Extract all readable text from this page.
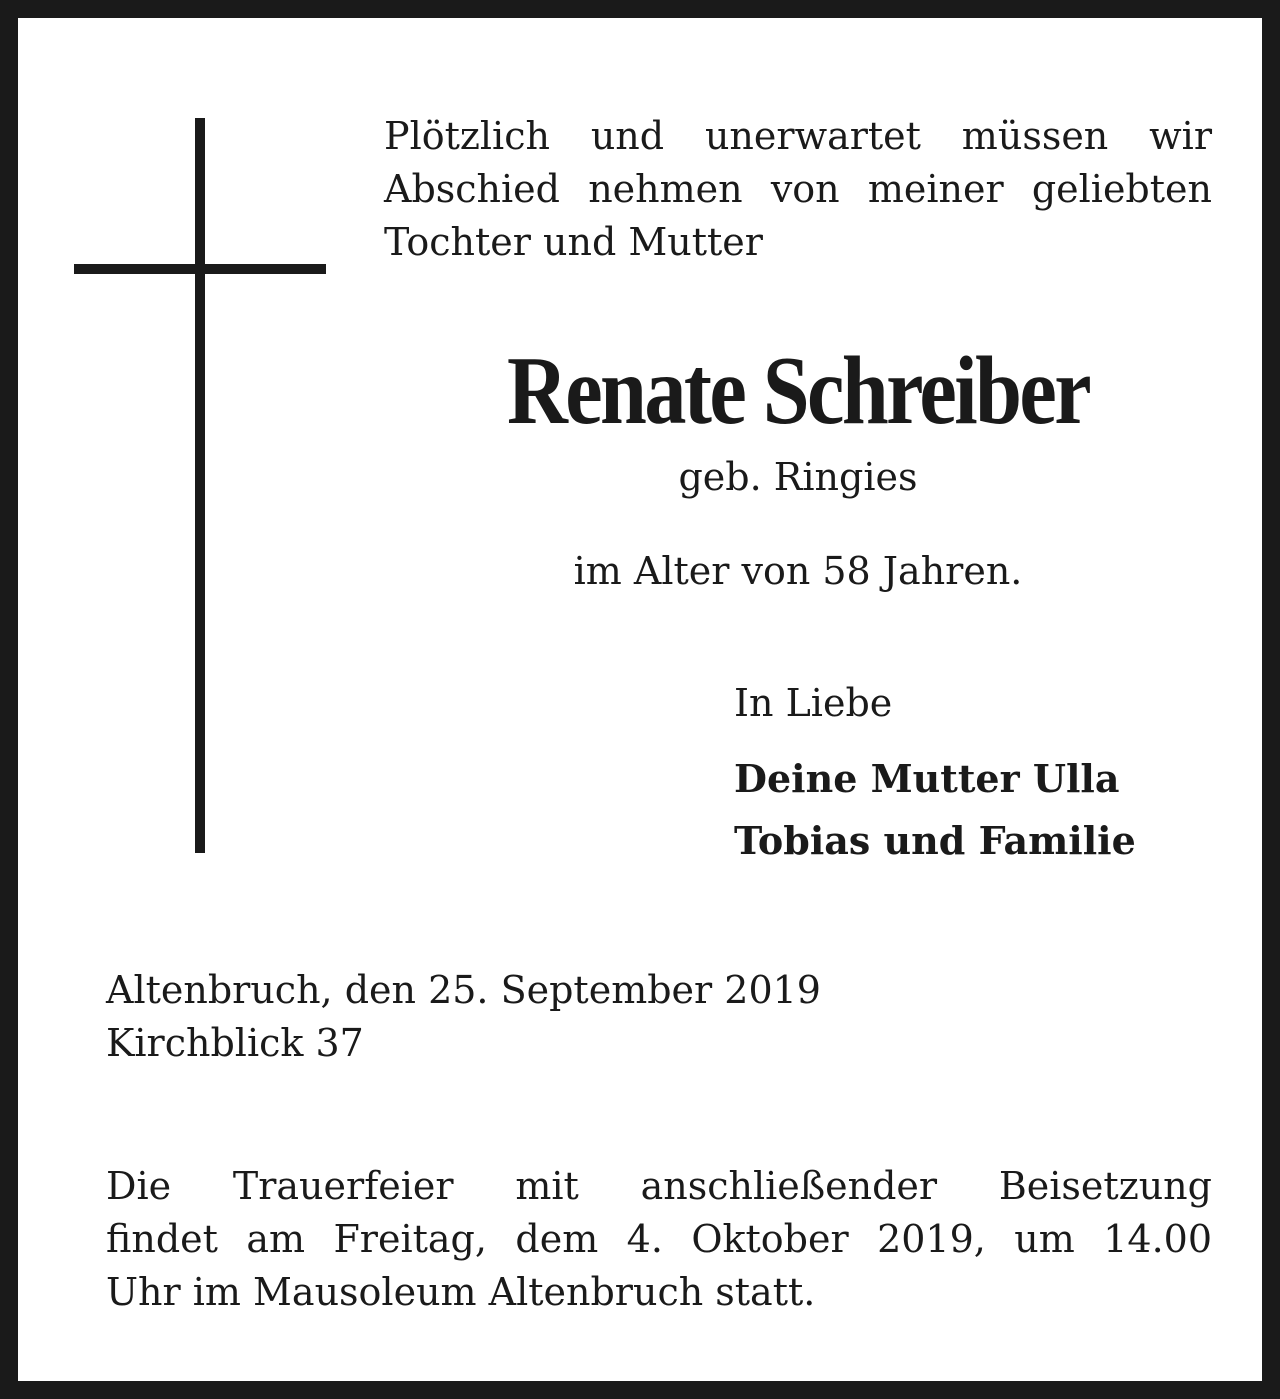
Plötzlich und unerwartet müssen wir
Abschied nehmen von meiner geliebten
Tochter und Mutter
Renate Schreiber
geb. Ringies
im Alter von 58 Jahren.
In Liebe
Deine Mutter Ulla
Tobias und Familie
Altenbruch, den 25. September 2019
Kirchblick 37
Die Trauerfeier mit anschließender Beisetzung
findet am Freitag, dem 4. Oktober 2019, um 14.00
Uhr im Mausoleum Altenbruch statt.
